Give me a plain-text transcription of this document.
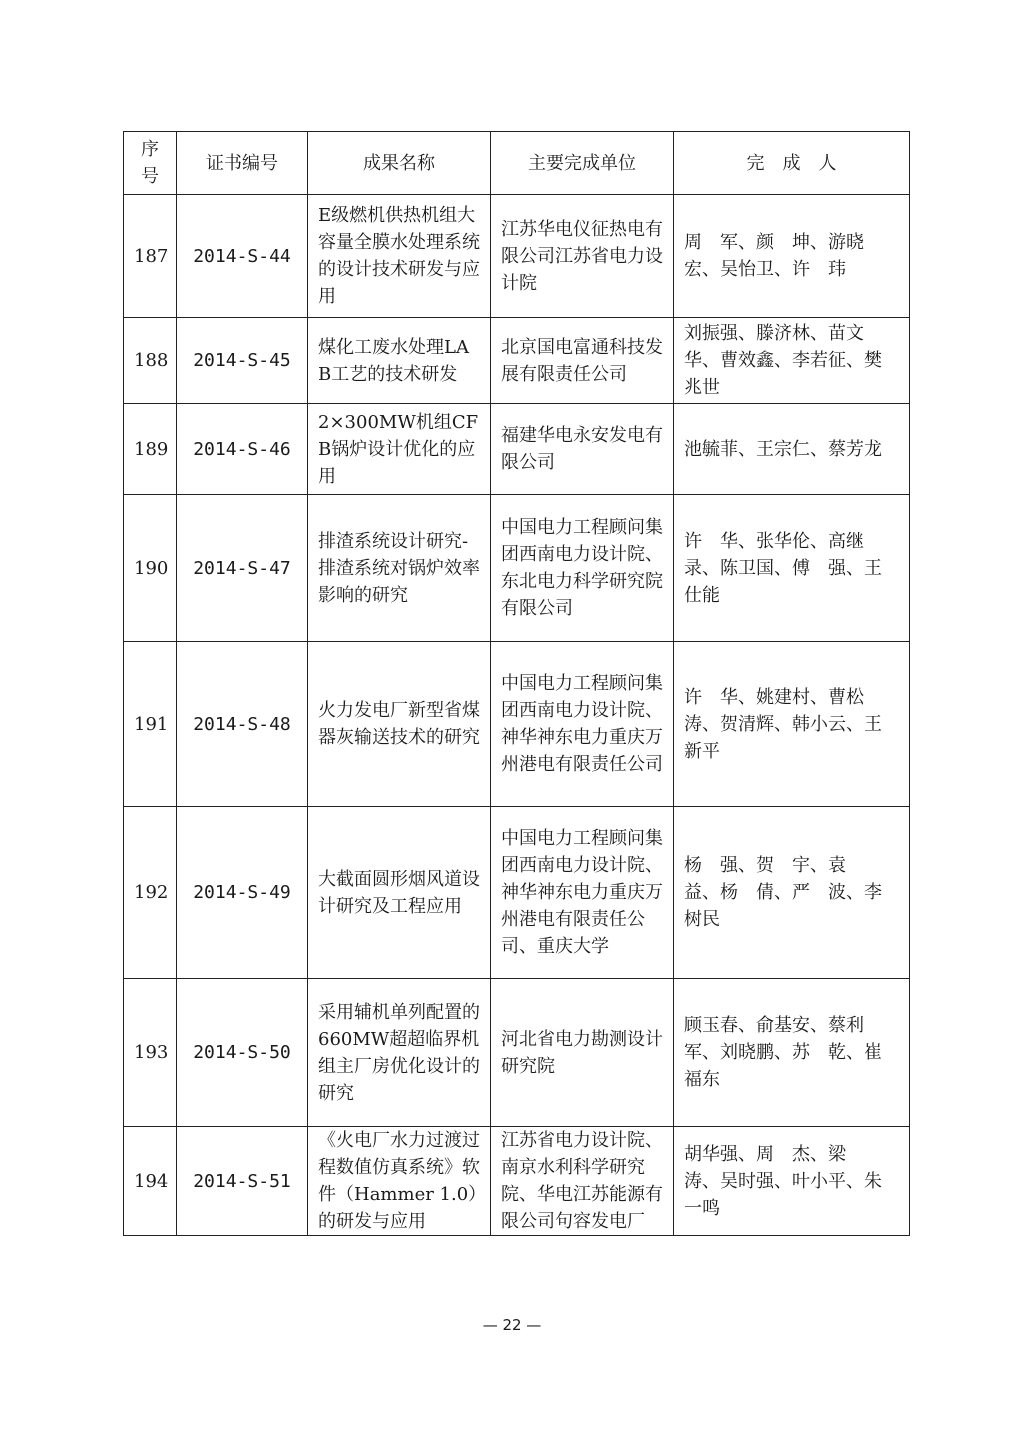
序号	证书编号	成果名称	主要完成单位	完　成　人
187	2014-S-44	E级燃机供热机组大容量全膜水处理系统的设计技术研发与应用	江苏华电仪征热电有限公司江苏省电力设计院	周　军、颜　坤、游晓宏、吴怡卫、许　玮
188	2014-S-45	煤化工废水处理LAB工艺的技术研发	北京国电富通科技发展有限责任公司	刘振强、滕济林、苗文华、曹效鑫、李若征、樊兆世
189	2014-S-46	2×300MW机组CFB锅炉设计优化的应用	福建华电永安发电有限公司	池毓菲、王宗仁、蔡芳龙
190	2014-S-47	排渣系统设计研究-排渣系统对锅炉效率影响的研究	中国电力工程顾问集团西南电力设计院、东北电力科学研究院有限公司	许　华、张华伦、高继录、陈卫国、傅　强、王仕能
191	2014-S-48	火力发电厂新型省煤器灰输送技术的研究	中国电力工程顾问集团西南电力设计院、神华神东电力重庆万州港电有限责任公司	许　华、姚建村、曹松涛、贺清辉、韩小云、王新平
192	2014-S-49	大截面圆形烟风道设计研究及工程应用	中国电力工程顾问集团西南电力设计院、神华神东电力重庆万州港电有限责任公司、重庆大学	杨　强、贺　宇、袁　益、杨　倩、严　波、李树民
193	2014-S-50	采用辅机单列配置的660MW超超临界机组主厂房优化设计的研究	河北省电力勘测设计研究院	顾玉春、俞基安、蔡利军、刘晓鹏、苏　乾、崔福东
194	2014-S-51	《火电厂水力过渡过程数值仿真系统》软件（Hammer 1.0）的研发与应用	江苏省电力设计院、南京水利科学研究院、华电江苏能源有限公司句容发电厂	胡华强、周　杰、梁　涛、吴时强、叶小平、朱一鸣
— 22 —
